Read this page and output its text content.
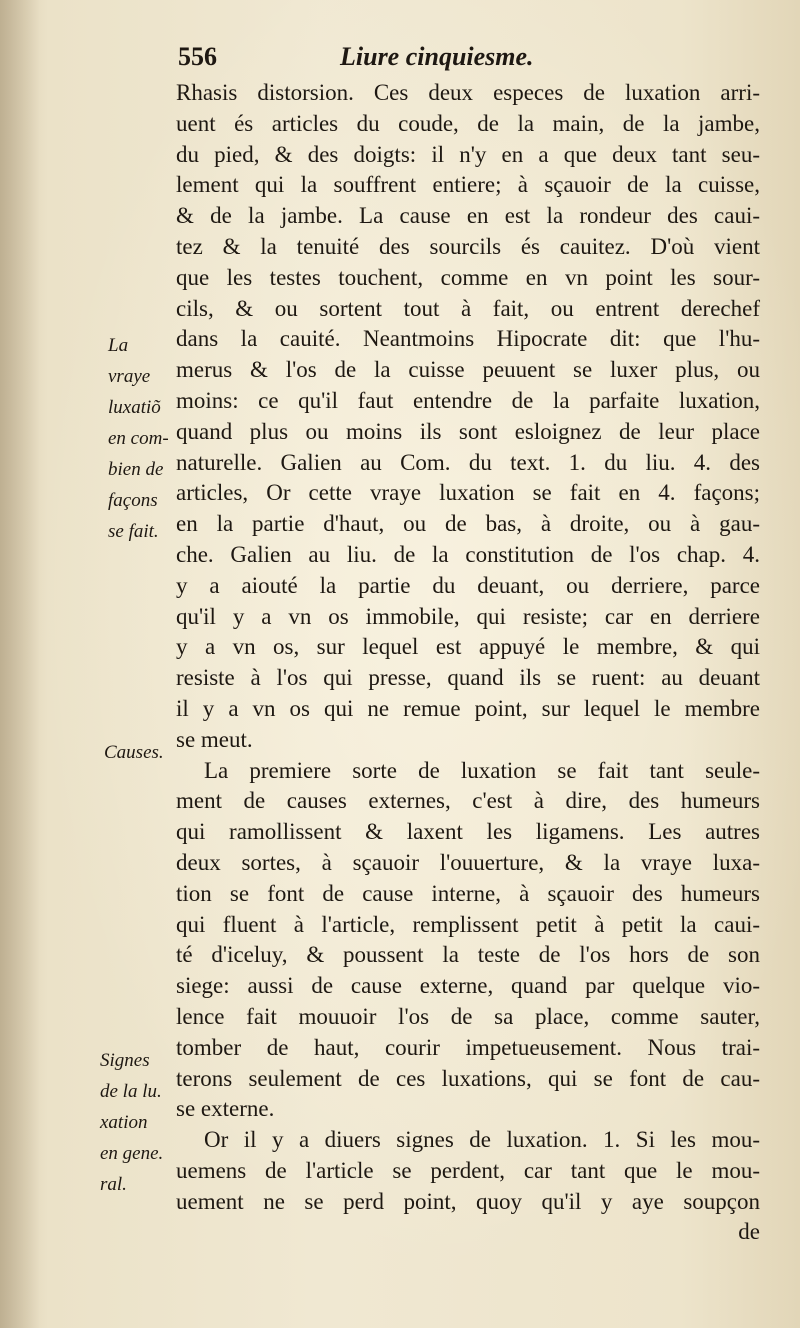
556	Liure cinquiesme.
La
vraye
luxatiõ
en com-
bien de
façons
se fait.
Causes.
Signes
de la lu.
xation
en gene.
ral.
Rhasis distorsion. Ces deux especes de luxation arri-
uent és articles du coude, de la main, de la jambe,
du pied, & des doigts: il n'y en a que deux tant seu-
lement qui la souffrent entiere; à sçauoir de la cuisse,
& de la jambe. La cause en est la rondeur des caui-
tez & la tenuité des sourcils és cauitez. D'où vient
que les testes touchent, comme en vn point les sour-
cils, & ou sortent tout à fait, ou entrent derechef
dans la cauité. Neantmoins Hipocrate dit: que l'hu-
merus & l'os de la cuisse peuuent se luxer plus, ou
moins: ce qu'il faut entendre de la parfaite luxation,
quand plus ou moins ils sont esloignez de leur place
naturelle. Galien au Com. du text. 1. du liu. 4. des
articles, Or cette vraye luxation se fait en 4. façons;
en la partie d'haut, ou de bas, à droite, ou à gau-
che. Galien au liu. de la constitution de l'os chap. 4.
y a aiouté la partie du deuant, ou derriere, parce
qu'il y a vn os immobile, qui resiste; car en derriere
y a vn os, sur lequel est appuyé le membre, & qui
resiste à l'os qui presse, quand ils se ruent: au deuant
il y a vn os qui ne remue point, sur lequel le membre
se meut.
La premiere sorte de luxation se fait tant seule-
ment de causes externes, c'est à dire, des humeurs
qui ramollissent & laxent les ligamens. Les autres
deux sortes, à sçauoir l'ouuerture, & la vraye luxa-
tion se font de cause interne, à sçauoir des humeurs
qui fluent à l'article, remplissent petit à petit la caui-
té d'iceluy, & poussent la teste de l'os hors de son
siege: aussi de cause externe, quand par quelque vio-
lence fait mouuoir l'os de sa place, comme sauter,
tomber de haut, courir impetueusement. Nous trai-
terons seulement de ces luxations, qui se font de cau-
se externe.
Or il y a diuers signes de luxation. 1. Si les mou-
uemens de l'article se perdent, car tant que le mou-
uement ne se perd point, quoy qu'il y aye soupçon
de
